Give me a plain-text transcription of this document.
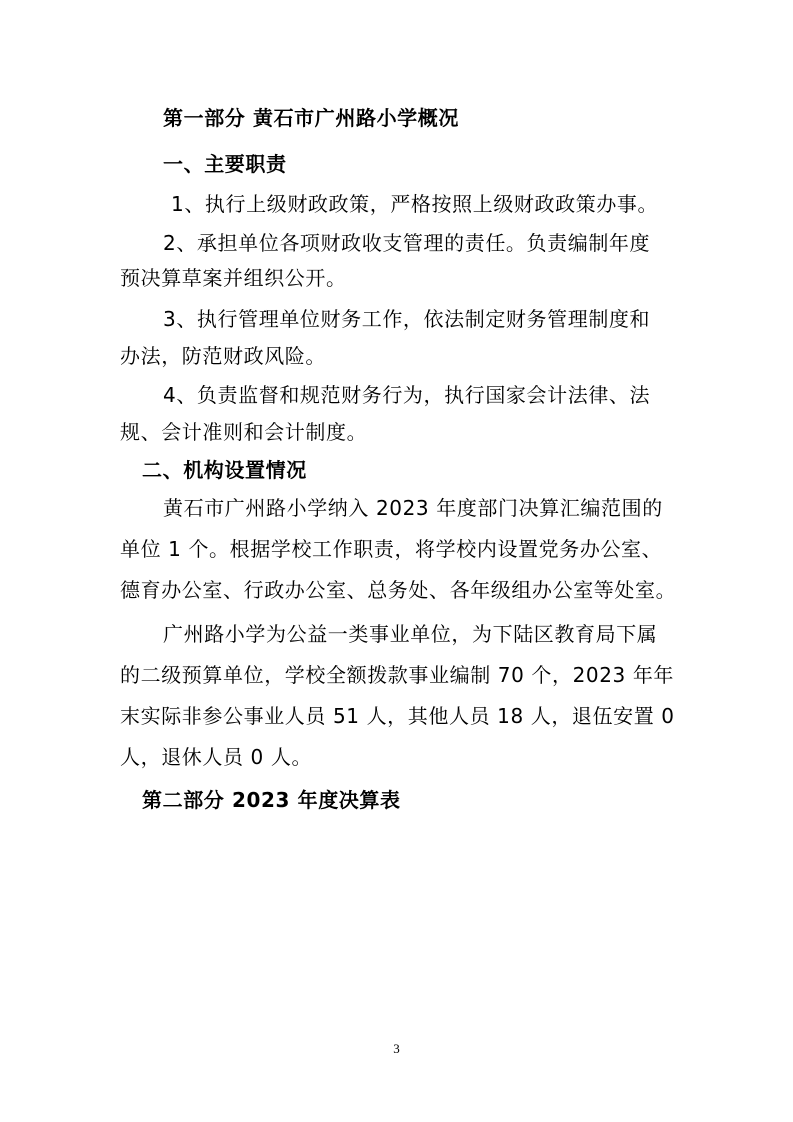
第一部分 黄石市广州路小学概况
一、主要职责
1、执行上级财政政策，严格按照上级财政政策办事。
2、承担单位各项财政收支管理的责任。负责编制年度
预决算草案并组织公开。
3、执行管理单位财务工作，依法制定财务管理制度和
办法，防范财政风险。
4、负责监督和规范财务行为，执行国家会计法律、法
规、会计准则和会计制度。
二、机构设置情况
黄石市广州路小学纳入 2023 年度部门决算汇编范围的
单位 1 个。根据学校工作职责，将学校内设置党务办公室、
德育办公室、行政办公室、总务处、各年级组办公室等处室。
广州路小学为公益一类事业单位，为下陆区教育局下属
的二级预算单位，学校全额拨款事业编制 70 个，2023 年年
末实际非参公事业人员 51 人，其他人员 18 人，退伍安置 0
人，退休人员 0 人。
第二部分 2023 年度决算表
3
